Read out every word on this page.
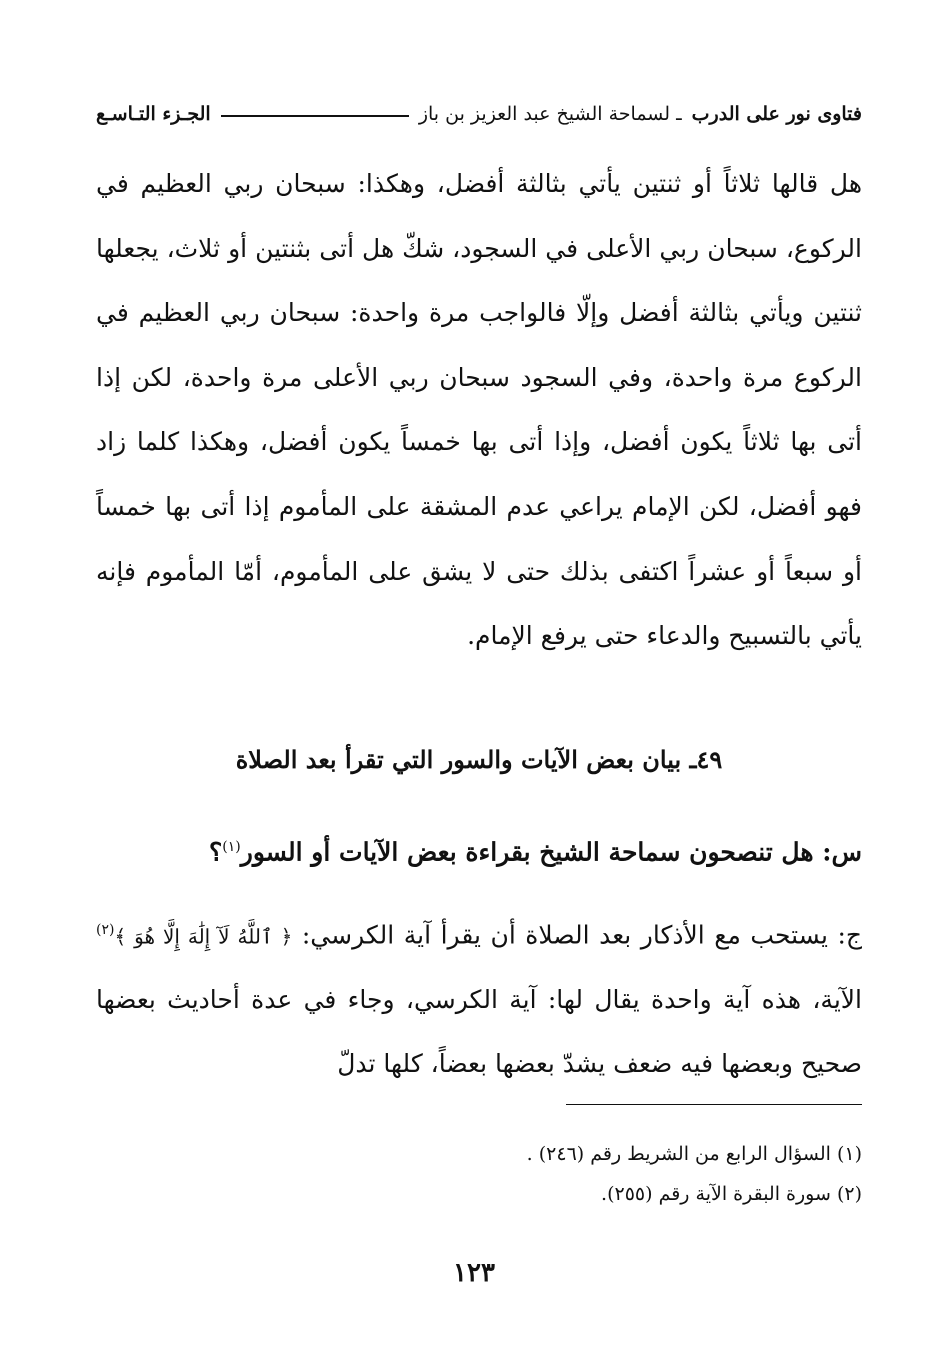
فتاوى نور على الدرب
ـ لسماحة الشيخ عبد العزيز بن باز
الجـزء التـاسـع

هل قالها ثلاثاً أو ثنتين يأتي بثالثة أفضل، وهكذا: سبحان ربي العظيم في الركوع، سبحان ربي الأعلى في السجود، شكّ هل أتى بثنتين أو ثلاث، يجعلها ثنتين ويأتي بثالثة أفضل وإلّا فالواجب مرة واحدة: سبحان ربي العظيم في الركوع مرة واحدة، وفي السجود سبحان ربي الأعلى مرة واحدة، لكن إذا أتى بها ثلاثاً يكون أفضل، وإذا أتى بها خمساً يكون أفضل، وهكذا كلما زاد فهو أفضل، لكن الإمام يراعي عدم المشقة على المأموم إذا أتى بها خمساً أو سبعاً أو عشراً اكتفى بذلك حتى لا يشق على المأموم، أمّا المأموم فإنه يأتي بالتسبيح والدعاء حتى يرفع الإمام.

٤٩ـ بيان بعض الآيات والسور التي تقرأ بعد الصلاة
س: هل تنصحون سماحة الشيخ بقراءة بعض الآيات أو السور$^{(١)}$؟

ج: يستحب مع الأذكار بعد الصلاة أن يقرأ آية الكرسي: ﴿ ٱللَّهُ لَآ إِلَٰهَ إِلَّا هُوَ ﴾$^{(٢)}$ الآية، هذه آية واحدة يقال لها: آية الكرسي، وجاء في عدة أحاديث بعضها صحيح وبعضها فيه ضعف يشدّ بعضها بعضاً، كلها تدلّ

(١) السؤال الرابع من الشريط رقم (٢٤٦) .
(٢) سورة البقرة الآية رقم (٢٥٥).
١٢٣
